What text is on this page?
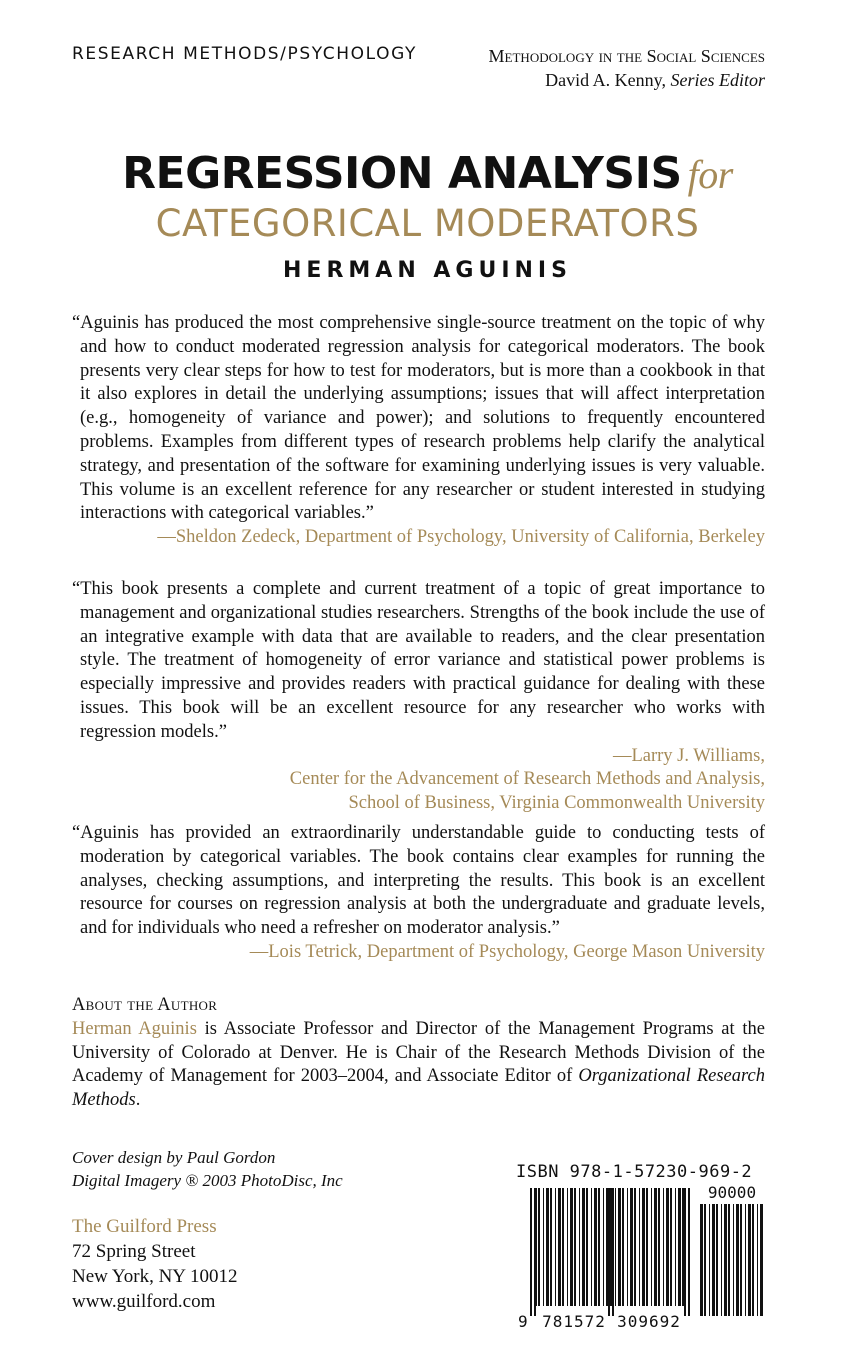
RESEARCH METHODS/PSYCHOLOGY	Methodology in the Social Sciences
David A. Kenny, Series Editor
REGRESSION ANALYSIS for
CATEGORICAL MODERATORS
HERMAN AGUINIS

“Aguinis has produced the most comprehensive single-source treatment on the topic of why and how to conduct moderated regression analysis for categorical moderators. The book presents very clear steps for how to test for moderators, but is more than a cookbook in that it also explores in detail the underlying assumptions; issues that will affect interpretation (e.g., homogeneity of variance and power); and solutions to frequently encountered problems. Examples from different types of research problems help clarify the analytical strategy, and presentation of the software for examining underlying issues is very valuable. This volume is an excellent reference for any researcher or student interested in studying interactions with categorical variables.”

—Sheldon Zedeck, Department of Psychology, University of California, Berkeley

“This book presents a complete and current treatment of a topic of great importance to management and organizational studies researchers. Strengths of the book include the use of an integrative example with data that are available to readers, and the clear presentation style. The treatment of homogeneity of error variance and statistical power problems is especially impressive and provides readers with practical guidance for dealing with these issues. This book will be an excellent resource for any researcher who works with regression models.”

—Larry J. Williams,
Center for the Advancement of Research Methods and Analysis,
School of Business, Virginia Commonwealth University

“Aguinis has provided an extraordinarily understandable guide to conducting tests of moderation by categorical variables. The book contains clear examples for running the analyses, checking assumptions, and interpreting the results. This book is an excellent resource for courses on regression analysis at both the undergraduate and graduate levels, and for individuals who need a refresher on moderator analysis.”

—Lois Tetrick, Department of Psychology, George Mason University
About the Author
Herman Aguinis is Associate Professor and Director of the Management Programs at the University of Colorado at Denver. He is Chair of the Research Methods Division of the Academy of Management for 2003–2004, and Associate Editor of Organizational Research Methods.
Cover design by Paul Gordon
Digital Imagery ® 2003 PhotoDisc, Inc
The Guilford Press
72 Spring Street
New York, NY 10012
www.guilford.com
ISBN 978-1-57230-969-2
90000
9 781572 309692
